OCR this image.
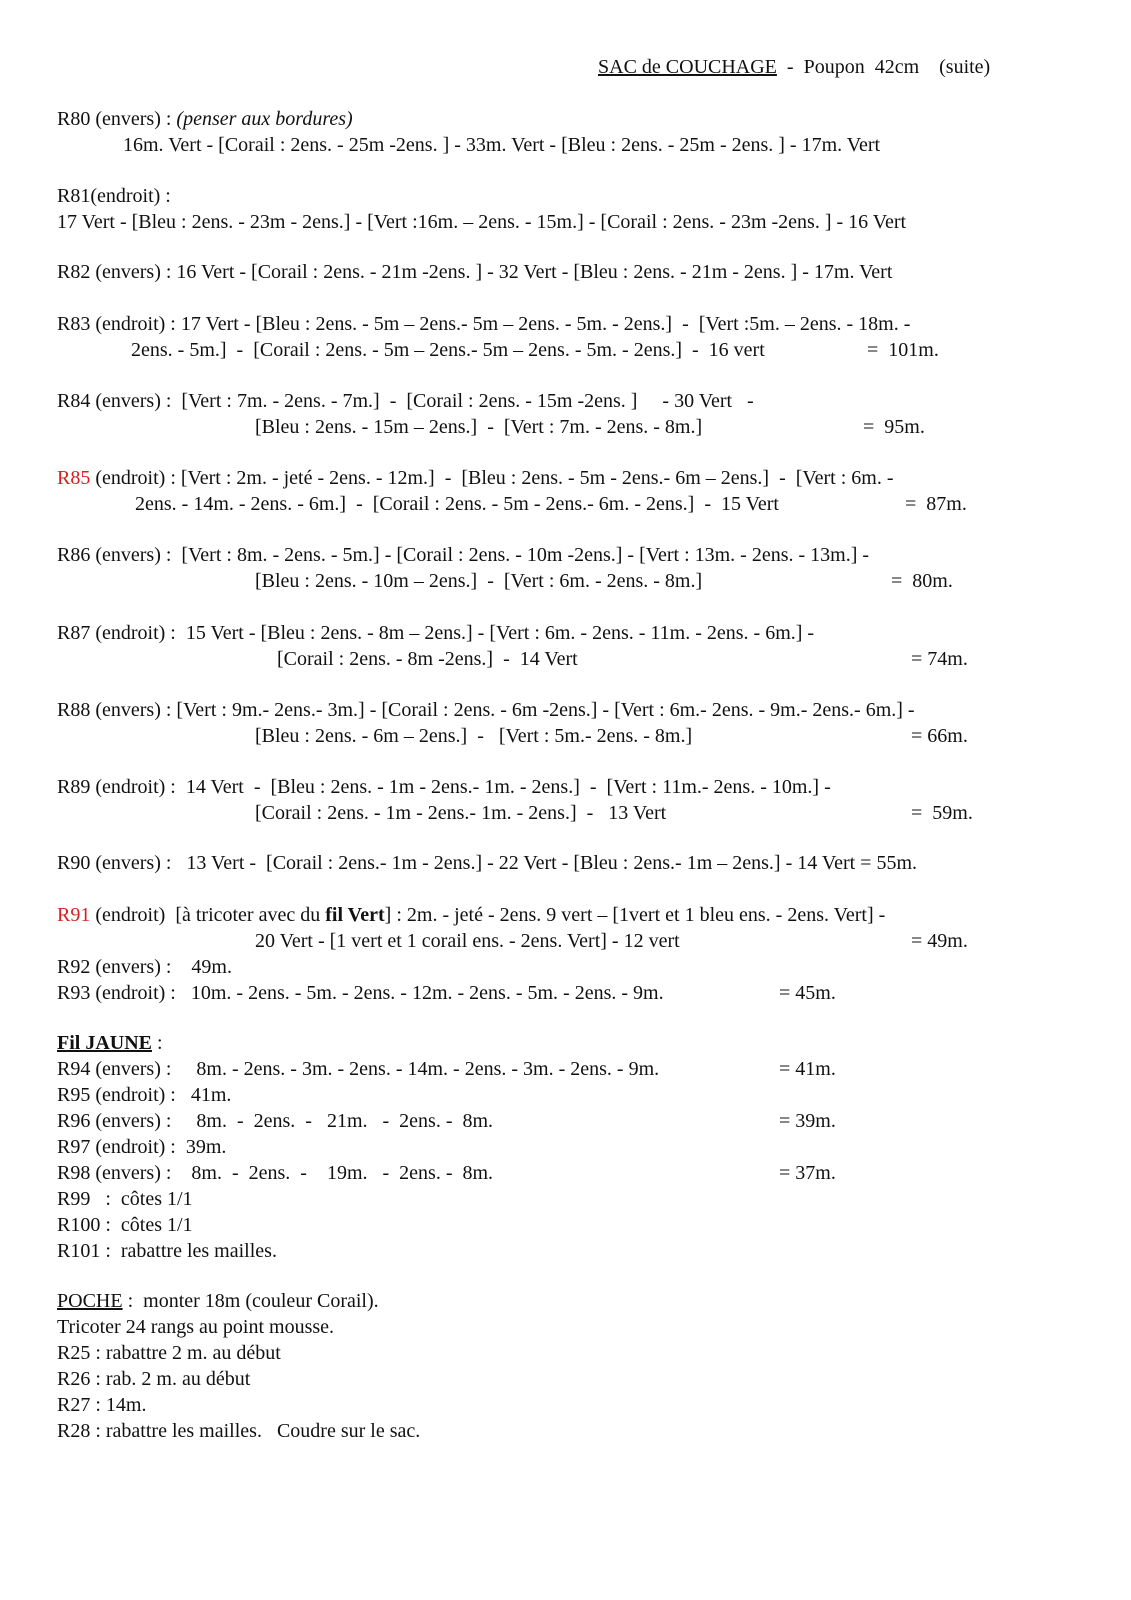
SAC de COUCHAGE  -  Poupon  42cm    (suite)
R80 (envers) : (penser aux bordures)
16m. Vert - [Corail : 2ens. - 25m -2ens. ] - 33m. Vert - [Bleu : 2ens. - 25m - 2ens. ] - 17m. Vert
R81(endroit) :
17 Vert - [Bleu : 2ens. - 23m - 2ens.] - [Vert :16m. – 2ens. - 15m.] - [Corail : 2ens. - 23m -2ens. ] - 16 Vert
R82 (envers) : 16 Vert - [Corail : 2ens. - 21m -2ens. ] - 32 Vert - [Bleu : 2ens. - 21m - 2ens. ] - 17m. Vert
R83 (endroit) : 17 Vert - [Bleu : 2ens. - 5m – 2ens.- 5m – 2ens. - 5m. - 2ens.]  -  [Vert :5m. – 2ens. - 18m. -
2ens. - 5m.]  -  [Corail : 2ens. - 5m – 2ens.- 5m – 2ens. - 5m. - 2ens.]  -  16 vert	=  101m.
R84 (envers) :  [Vert : 7m. - 2ens. - 7m.]  -  [Corail : 2ens. - 15m -2ens. ]     - 30 Vert   -
[Bleu : 2ens. - 15m – 2ens.]  -  [Vert : 7m. - 2ens. - 8m.]	=  95m.
R85 (endroit) : [Vert : 2m. - jeté - 2ens. - 12m.]  -  [Bleu : 2ens. - 5m - 2ens.- 6m – 2ens.]  -  [Vert : 6m. -
2ens. - 14m. - 2ens. - 6m.]  -  [Corail : 2ens. - 5m - 2ens.- 6m. - 2ens.]  -  15 Vert	=  87m.
R86 (envers) :  [Vert : 8m. - 2ens. - 5m.] - [Corail : 2ens. - 10m -2ens.] - [Vert : 13m. - 2ens. - 13m.] -
[Bleu : 2ens. - 10m – 2ens.]  -  [Vert : 6m. - 2ens. - 8m.]	=  80m.
R87 (endroit) :  15 Vert - [Bleu : 2ens. - 8m – 2ens.] - [Vert : 6m. - 2ens. - 11m. - 2ens. - 6m.] -
[Corail : 2ens. - 8m -2ens.]  -  14 Vert	= 74m.
R88 (envers) : [Vert : 9m.- 2ens.- 3m.] - [Corail : 2ens. - 6m -2ens.] - [Vert : 6m.- 2ens. - 9m.- 2ens.- 6m.] -
[Bleu : 2ens. - 6m – 2ens.]  -   [Vert : 5m.- 2ens. - 8m.]	= 66m.
R89 (endroit) :  14 Vert  -  [Bleu : 2ens. - 1m - 2ens.- 1m. - 2ens.]  -  [Vert : 11m.- 2ens. - 10m.] -
[Corail : 2ens. - 1m - 2ens.- 1m. - 2ens.]  -   13 Vert	=  59m.
R90 (envers) :   13 Vert -  [Corail : 2ens.- 1m - 2ens.] - 22 Vert - [Bleu : 2ens.- 1m – 2ens.] - 14 Vert = 55m.
R91 (endroit)  [à tricoter avec du fil Vert] : 2m. - jeté - 2ens. 9 vert – [1vert et 1 bleu ens. - 2ens. Vert] -
20 Vert - [1 vert et 1 corail ens. - 2ens. Vert] - 12 vert	= 49m.
R92 (envers) :    49m.
R93 (endroit) :   10m. - 2ens. - 5m. - 2ens. - 12m. - 2ens. - 5m. - 2ens. - 9m.	= 45m.
Fil JAUNE :
R94 (envers) :     8m. - 2ens. - 3m. - 2ens. - 14m. - 2ens. - 3m. - 2ens. - 9m.	= 41m.
R95 (endroit) :   41m.
R96 (envers) :     8m.  -  2ens.  -   21m.   -  2ens. -  8m.	= 39m.
R97 (endroit) :  39m.
R98 (envers) :    8m.  -  2ens.  -    19m.   -  2ens. -  8m.	= 37m.
R99   :  côtes 1/1
R100 :  côtes 1/1
R101 :  rabattre les mailles.
POCHE :  monter 18m (couleur Corail).
Tricoter 24 rangs au point mousse.
R25 : rabattre 2 m. au début
R26 : rab. 2 m. au début
R27 : 14m.
R28 : rabattre les mailles.   Coudre sur le sac.
